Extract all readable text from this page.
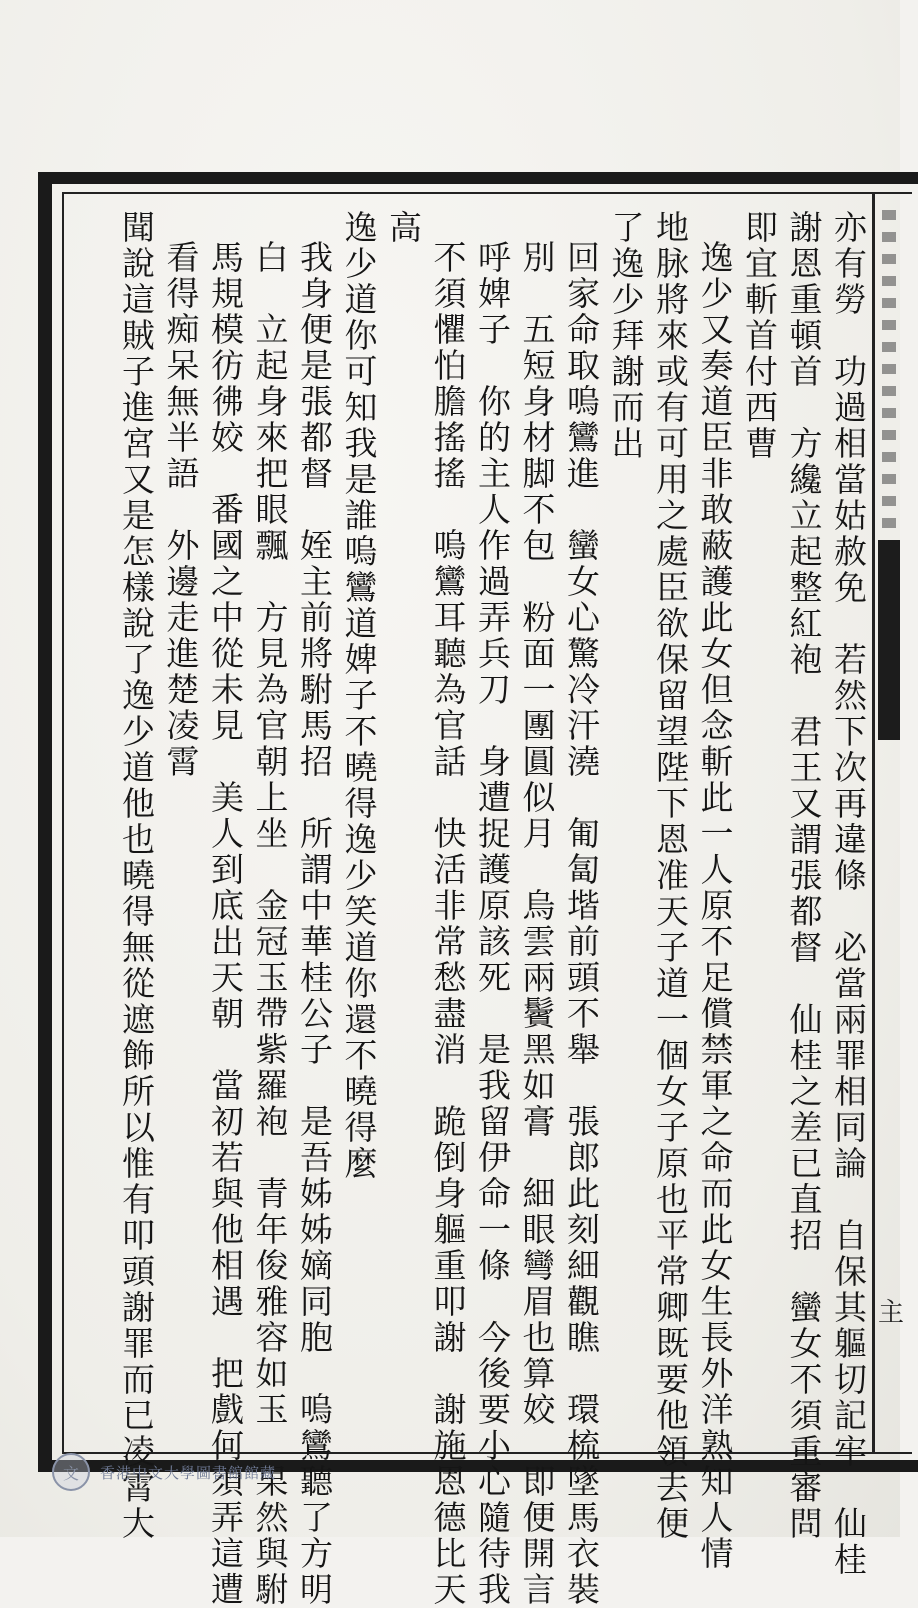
主
亦有勞　功過相當姑赦免　若然下次再違條　必當兩罪相同論　自保其軀切記牢　仙桂
謝恩重頓首　方纔立起整紅袍　君王又謂張都督　仙桂之差已直招　蠻女不須重審問
即宜斬首付西曹
逸少又奏道臣非敢蔽護此女但念斬此一人原不足償禁軍之命而此女生長外洋熟知人情
地脉將來或有可用之處臣欲保留望陛下恩准天子道一個女子原也平常卿既要他領去便
了逸少拜謝而出
回家命取嗚鸞進　蠻女心驚冷汗澆　匍匐堦前頭不舉　張郎此刻細觀瞧　環梳墜馬衣裝
別　五短身材脚不包　粉面一團圓似月　烏雲兩鬢黑如膏　細眼彎眉也算姣　即便開言
呼婢子　你的主人作過弄兵刀　身遭捉護原該死　是我留伊命一條　今後要小心隨待我
不須懼怕膽搖搖　嗚鸞耳聽為官話　快活非常愁盡消　跪倒身軀重叩謝　謝施恩德比天
高
逸少道你可知我是誰嗚鸞道婢子不曉得逸少笑道你還不曉得麼
我身便是張都督　姪主前將駙馬招　所謂中華桂公子　是吾姊姊嫡同胞　嗚鸞聽了方明
白　立起身來把眼飄　方見為官朝上坐　金冠玉帶紫羅袍　青年俊雅容如玉　果然與駙
馬規模彷彿姣　番國之中從未見　美人到底出天朝　當初若與他相遇　把戲何須弄這遭
看得痴呆無半語　外邊走進楚凌霄
聞說這賊子進宮又是怎樣說了逸少道他也曉得無從遮飾所以惟有叩頭謝罪而已凌霄大
文	香港中文大學圖書館館藏
